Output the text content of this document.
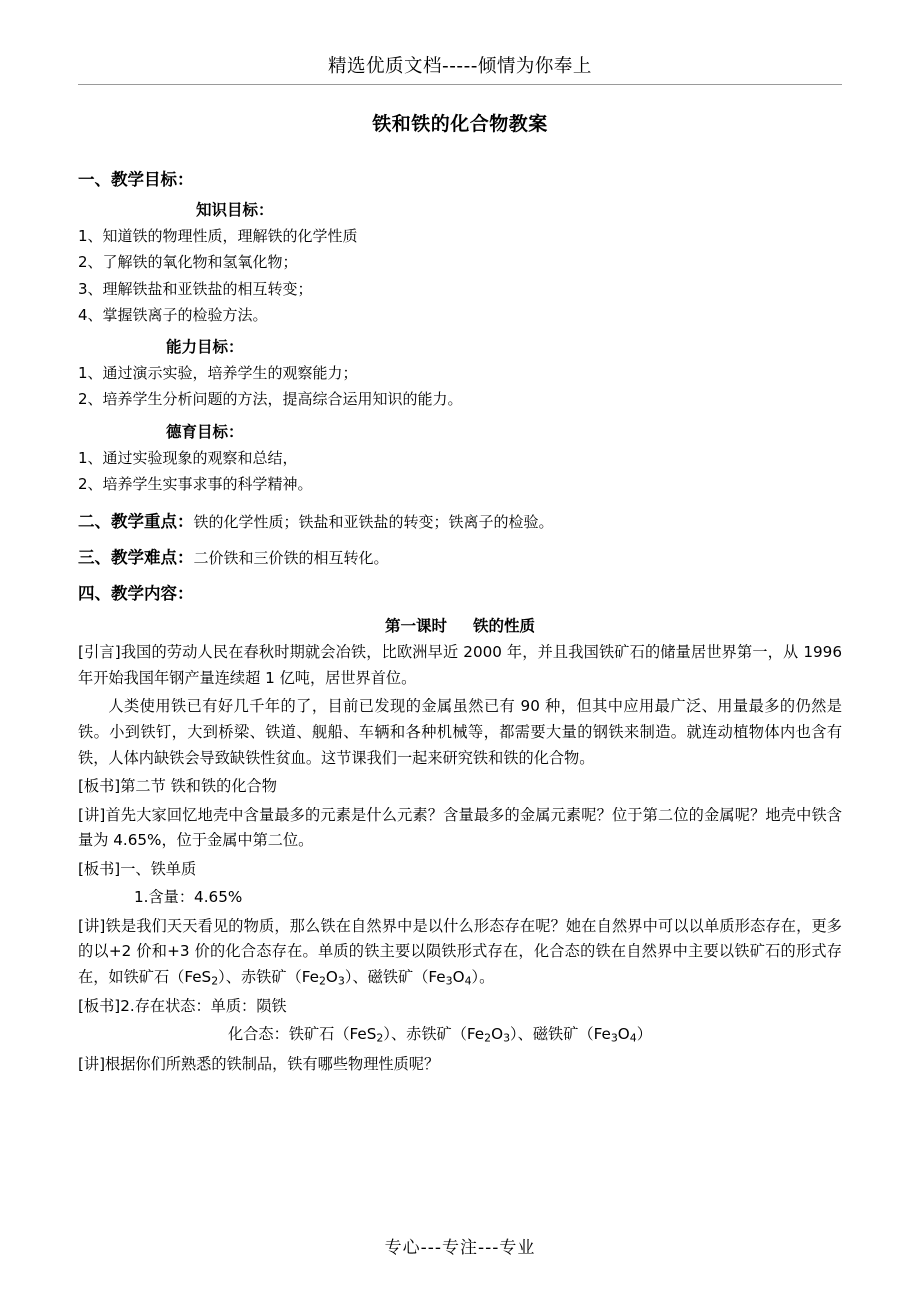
精选优质文档-----倾情为你奉上
铁和铁的化合物教案
一、教学目标：
知识目标：
1、知道铁的物理性质，理解铁的化学性质
2、了解铁的氧化物和氢氧化物；
3、理解铁盐和亚铁盐的相互转变；
4、掌握铁离子的检验方法。
能力目标：
1、通过演示实验，培养学生的观察能力；
2、培养学生分析问题的方法，提高综合运用知识的能力。
德育目标：
1、通过实验现象的观察和总结，
2、培养学生实事求事的科学精神。
二、教学重点：铁的化学性质；铁盐和亚铁盐的转变；铁离子的检验。
三、教学难点：二价铁和三价铁的相互转化。
四、教学内容：
第一课时 铁的性质
[引言]我国的劳动人民在春秋时期就会冶铁，比欧洲早近 2000 年，并且我国铁矿石的储量居世界第一，从 1996 年开始我国年钢产量连续超 1 亿吨，居世界首位。
人类使用铁已有好几千年的了，目前已发现的金属虽然已有 90 种，但其中应用最广泛、用量最多的仍然是铁。小到铁钉，大到桥梁、铁道、舰船、车辆和各种机械等，都需要大量的钢铁来制造。就连动植物体内也含有铁，人体内缺铁会导致缺铁性贫血。这节课我们一起来研究铁和铁的化合物。
[板书]第二节 铁和铁的化合物
[讲]首先大家回忆地壳中含量最多的元素是什么元素？含量最多的金属元素呢？位于第二位的金属呢？地壳中铁含量为 4.65%，位于金属中第二位。
[板书]一、铁单质
1.含量：4.65%
[讲]铁是我们天天看见的物质，那么铁在自然界中是以什么形态存在呢？她在自然界中可以以单质形态存在，更多的以+2 价和+3 价的化合态存在。单质的铁主要以陨铁形式存在，化合态的铁在自然界中主要以铁矿石的形式存在，如铁矿石（FeS$_2$）、赤铁矿$(Fe_2O_3)$、磁铁矿$(Fe_3O_4)$。
[板书]2.存在状态：单质：陨铁
化合态：铁矿石（FeS$_2$）、赤铁矿$(Fe_2O_3)$、磁铁矿$(Fe_3O_4)$
[讲]根据你们所熟悉的铁制品，铁有哪些物理性质呢？
专心---专注---专业
